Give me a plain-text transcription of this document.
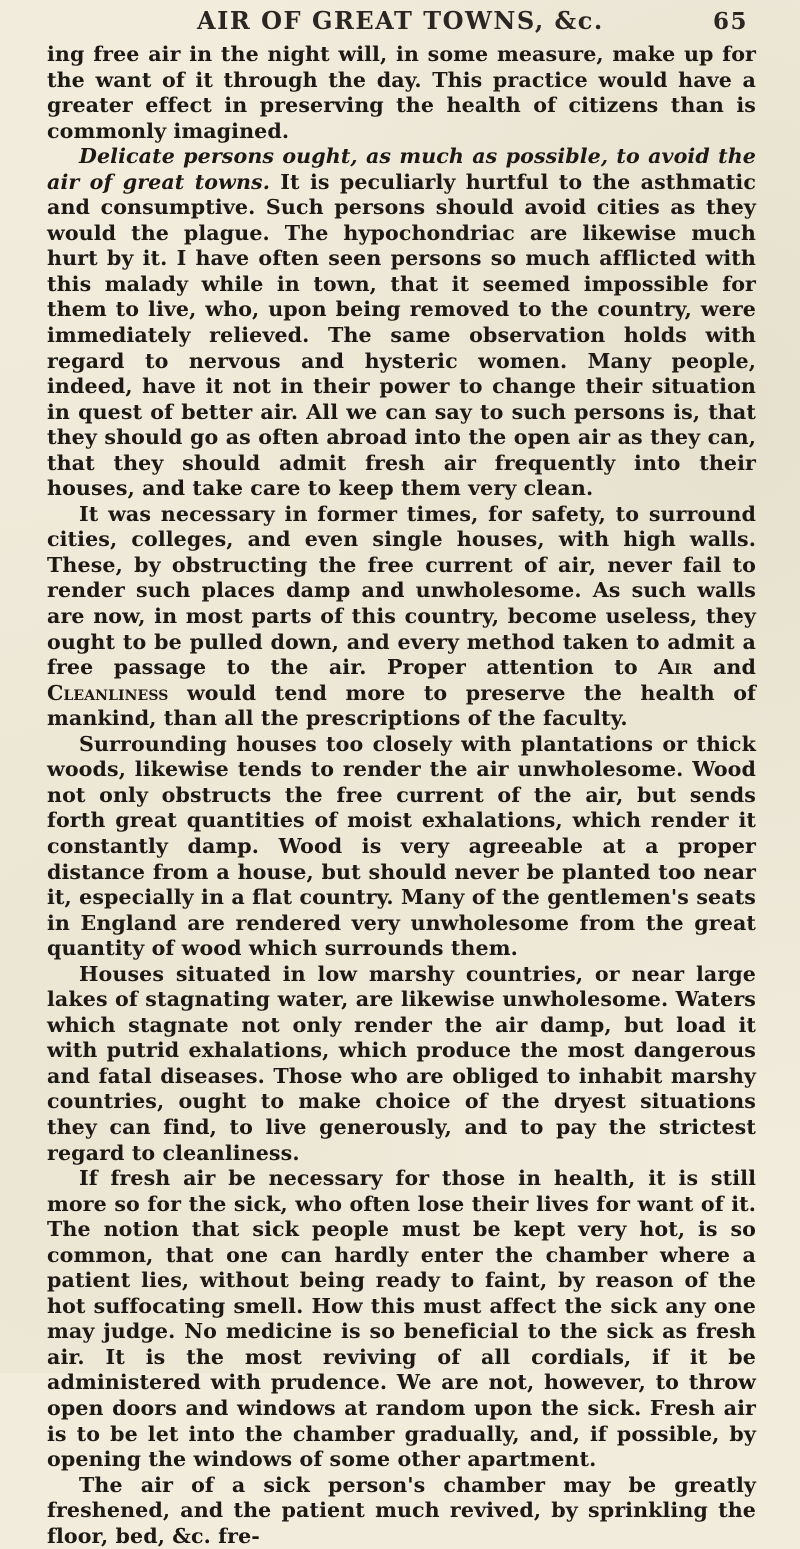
AIR OF GREAT TOWNS, &c.	65

ing free air in the night will, in some measure, make up for the want of it through the day. This practice would have a greater effect in preserving the health of citizens than is commonly imagined.

Delicate persons ought, as much as possible, to avoid the air of great towns. It is peculiarly hurtful to the asthmatic and consumptive. Such persons should avoid cities as they would the plague. The hypochondriac are likewise much hurt by it. I have often seen persons so much afflicted with this malady while in town, that it seemed impossible for them to live, who, upon being removed to the country, were immediately relieved. The same observation holds with regard to nervous and hysteric women. Many people, indeed, have it not in their power to change their situation in quest of better air. All we can say to such persons is, that they should go as often abroad into the open air as they can, that they should admit fresh air frequently into their houses, and take care to keep them very clean.

It was necessary in former times, for safety, to surround cities, colleges, and even single houses, with high walls. These, by obstructing the free current of air, never fail to render such places damp and unwholesome. As such walls are now, in most parts of this country, become useless, they ought to be pulled down, and every method taken to admit a free passage to the air. Proper attention to Air and Cleanliness would tend more to preserve the health of mankind, than all the prescriptions of the faculty.

Surrounding houses too closely with plantations or thick woods, likewise tends to render the air unwholesome. Wood not only obstructs the free current of the air, but sends forth great quantities of moist exhalations, which render it constantly damp. Wood is very agreeable at a proper distance from a house, but should never be planted too near it, especially in a flat country. Many of the gentlemen's seats in England are rendered very unwholesome from the great quantity of wood which surrounds them.

Houses situated in low marshy countries, or near large lakes of stagnating water, are likewise unwholesome. Waters which stagnate not only render the air damp, but load it with putrid exhalations, which produce the most dangerous and fatal diseases. Those who are obliged to inhabit marshy countries, ought to make choice of the dryest situations they can find, to live generously, and to pay the strictest regard to cleanliness.

If fresh air be necessary for those in health, it is still more so for the sick, who often lose their lives for want of it. The notion that sick people must be kept very hot, is so common, that one can hardly enter the chamber where a patient lies, without being ready to faint, by reason of the hot suffocating smell. How this must affect the sick any one may judge. No medicine is so beneficial to the sick as fresh air. It is the most reviving of all cordials, if it be administered with prudence. We are not, however, to throw open doors and windows at random upon the sick. Fresh air is to be let into the chamber gradually, and, if possible, by opening the windows of some other apartment.

The air of a sick person's chamber may be greatly freshened, and the patient much revived, by sprinkling the floor, bed, &c. fre-
